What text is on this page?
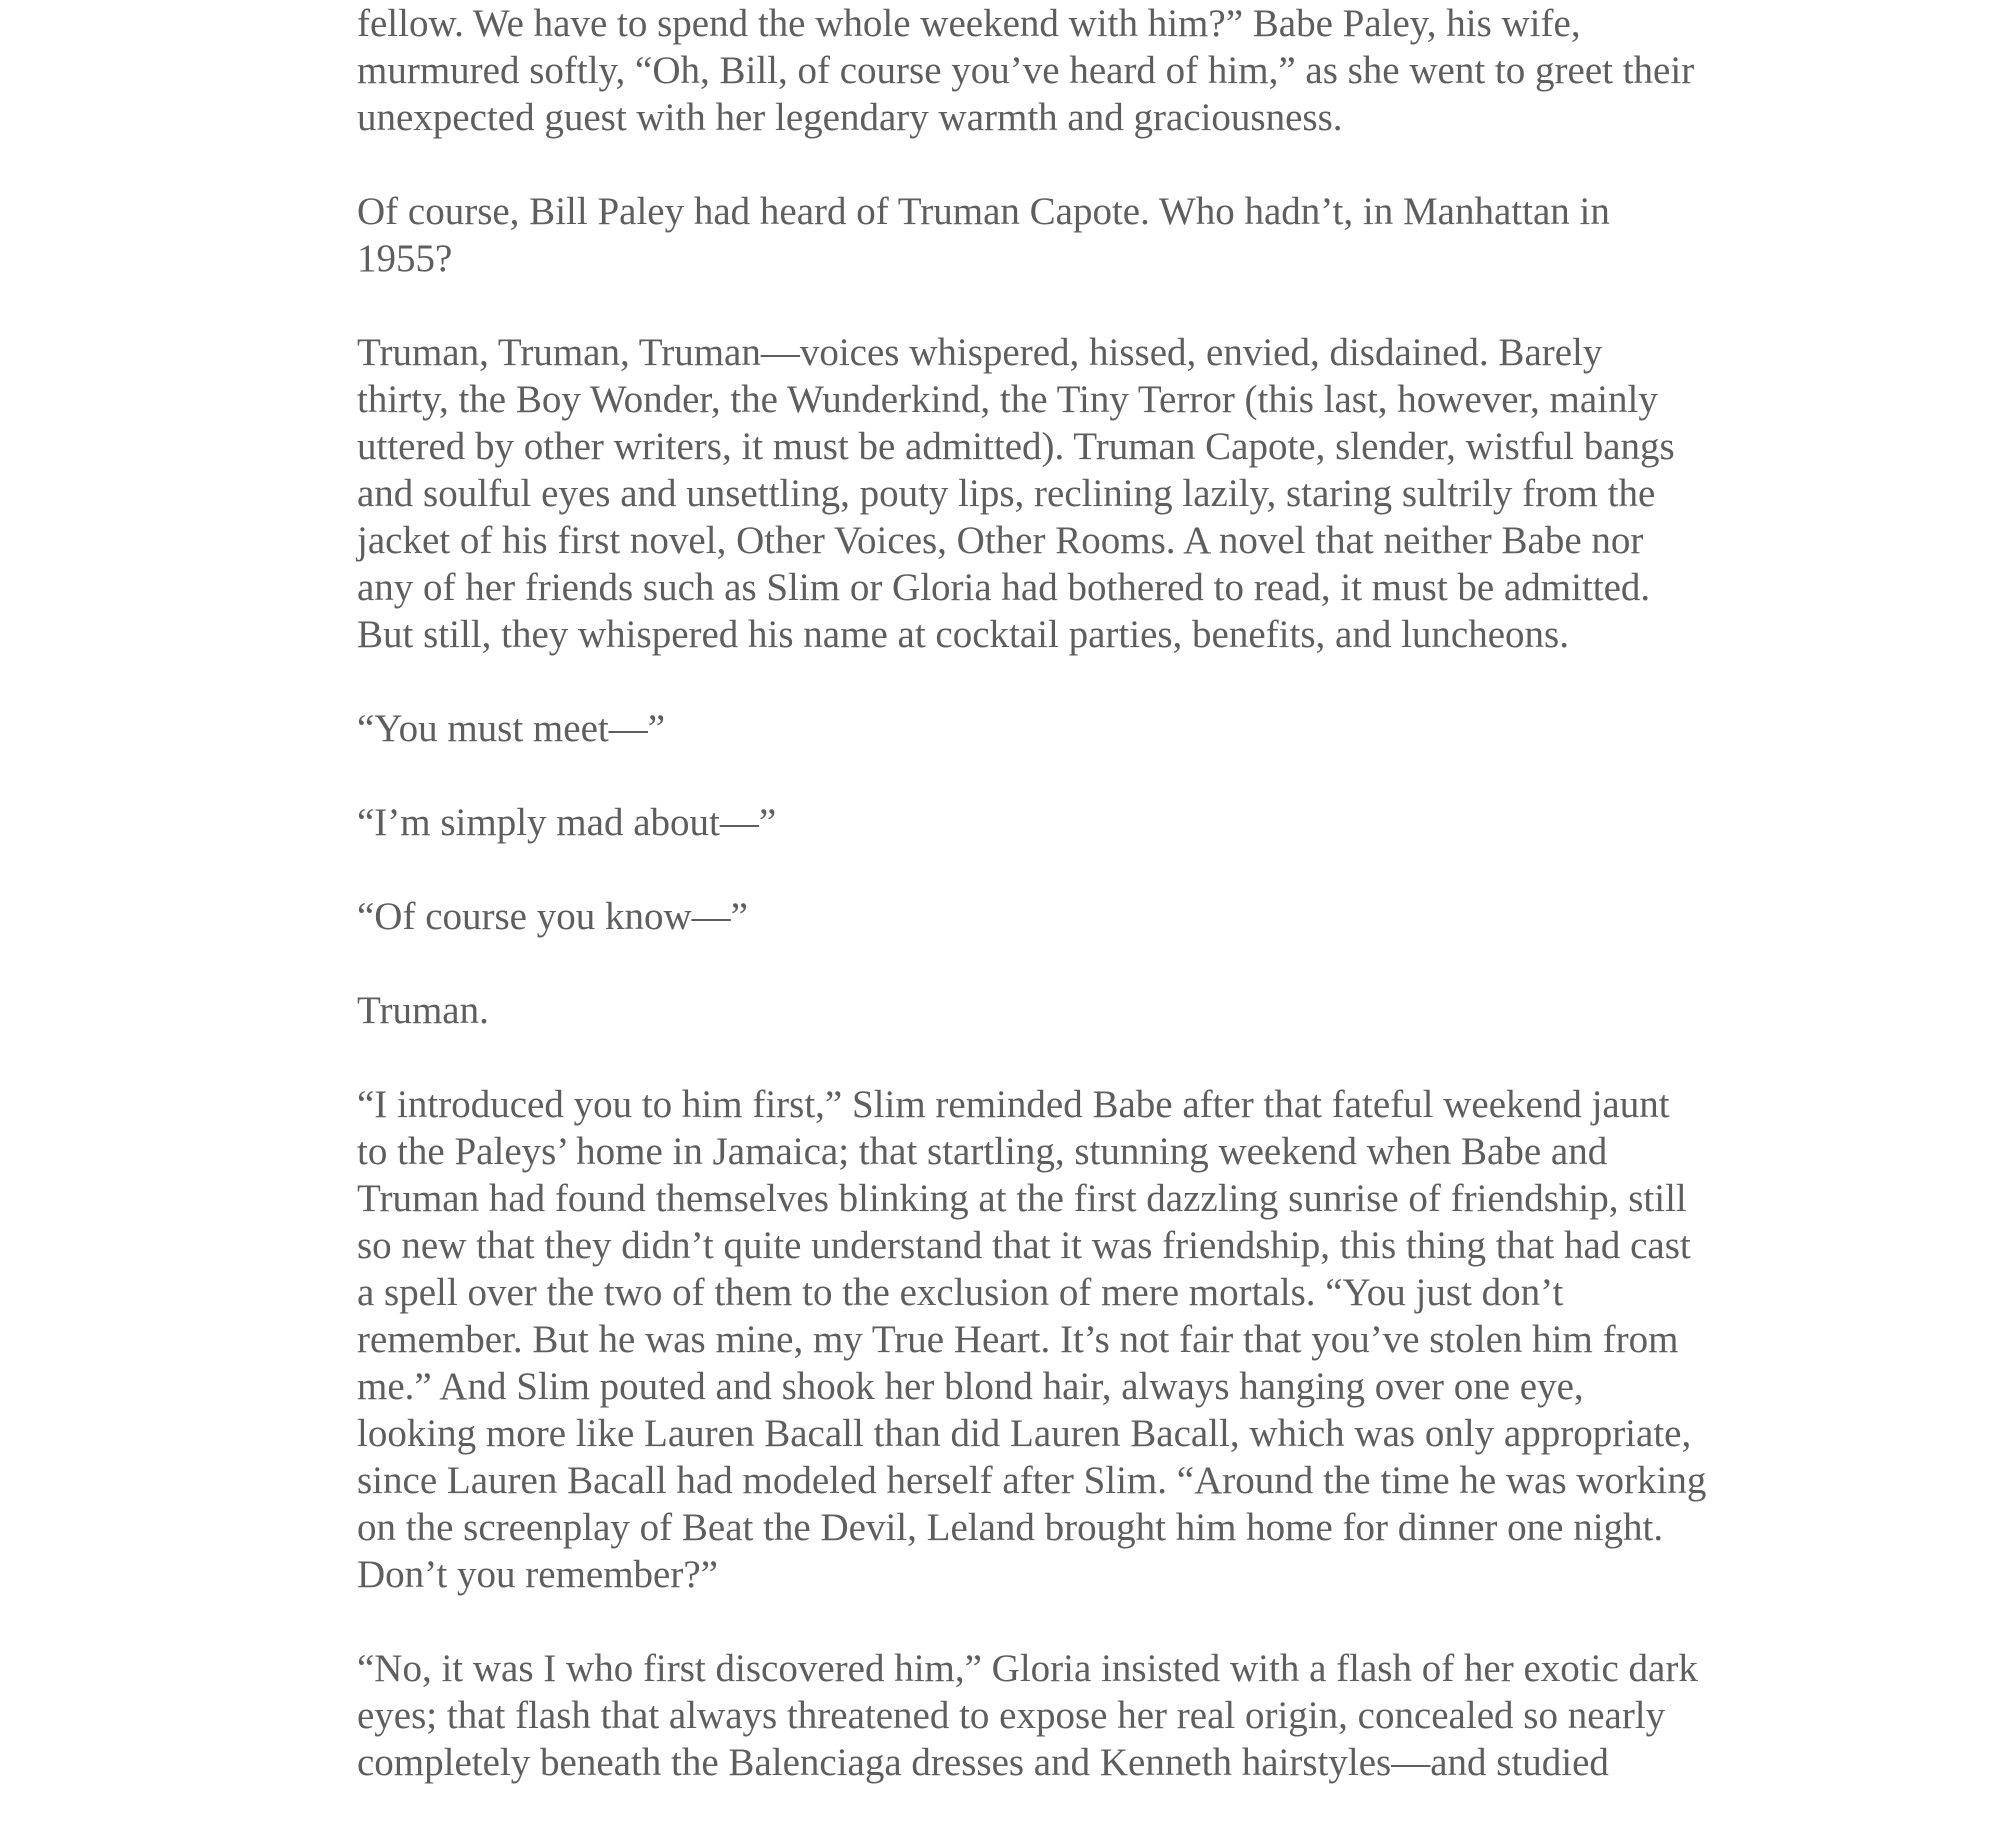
fellow. We have to spend the whole weekend with him?” Babe Paley, his wife,
murmured softly, “Oh, Bill, of course you’ve heard of him,” as she went to greet their
unexpected guest with her legendary warmth and graciousness.
Of course, Bill Paley had heard of Truman Capote. Who hadn’t, in Manhattan in
1955?
Truman, Truman, Truman—voices whispered, hissed, envied, disdained. Barely
thirty, the Boy Wonder, the Wunderkind, the Tiny Terror (this last, however, mainly
uttered by other writers, it must be admitted). Truman Capote, slender, wistful bangs
and soulful eyes and unsettling, pouty lips, reclining lazily, staring sultrily from the
jacket of his first novel, Other Voices, Other Rooms. A novel that neither Babe nor
any of her friends such as Slim or Gloria had bothered to read, it must be admitted.
But still, they whispered his name at cocktail parties, benefits, and luncheons.
“You must meet—”
“I’m simply mad about—”
“Of course you know—”
Truman.
“I introduced you to him first,” Slim reminded Babe after that fateful weekend jaunt
to the Paleys’ home in Jamaica; that startling, stunning weekend when Babe and
Truman had found themselves blinking at the first dazzling sunrise of friendship, still
so new that they didn’t quite understand that it was friendship, this thing that had cast
a spell over the two of them to the exclusion of mere mortals. “You just don’t
remember. But he was mine, my True Heart. It’s not fair that you’ve stolen him from
me.” And Slim pouted and shook her blond hair, always hanging over one eye,
looking more like Lauren Bacall than did Lauren Bacall, which was only appropriate,
since Lauren Bacall had modeled herself after Slim. “Around the time he was working
on the screenplay of Beat the Devil, Leland brought him home for dinner one night.
Don’t you remember?”
“No, it was I who first discovered him,” Gloria insisted with a flash of her exotic dark
eyes; that flash that always threatened to expose her real origin, concealed so nearly
completely beneath the Balenciaga dresses and Kenneth hairstyles—and studied
